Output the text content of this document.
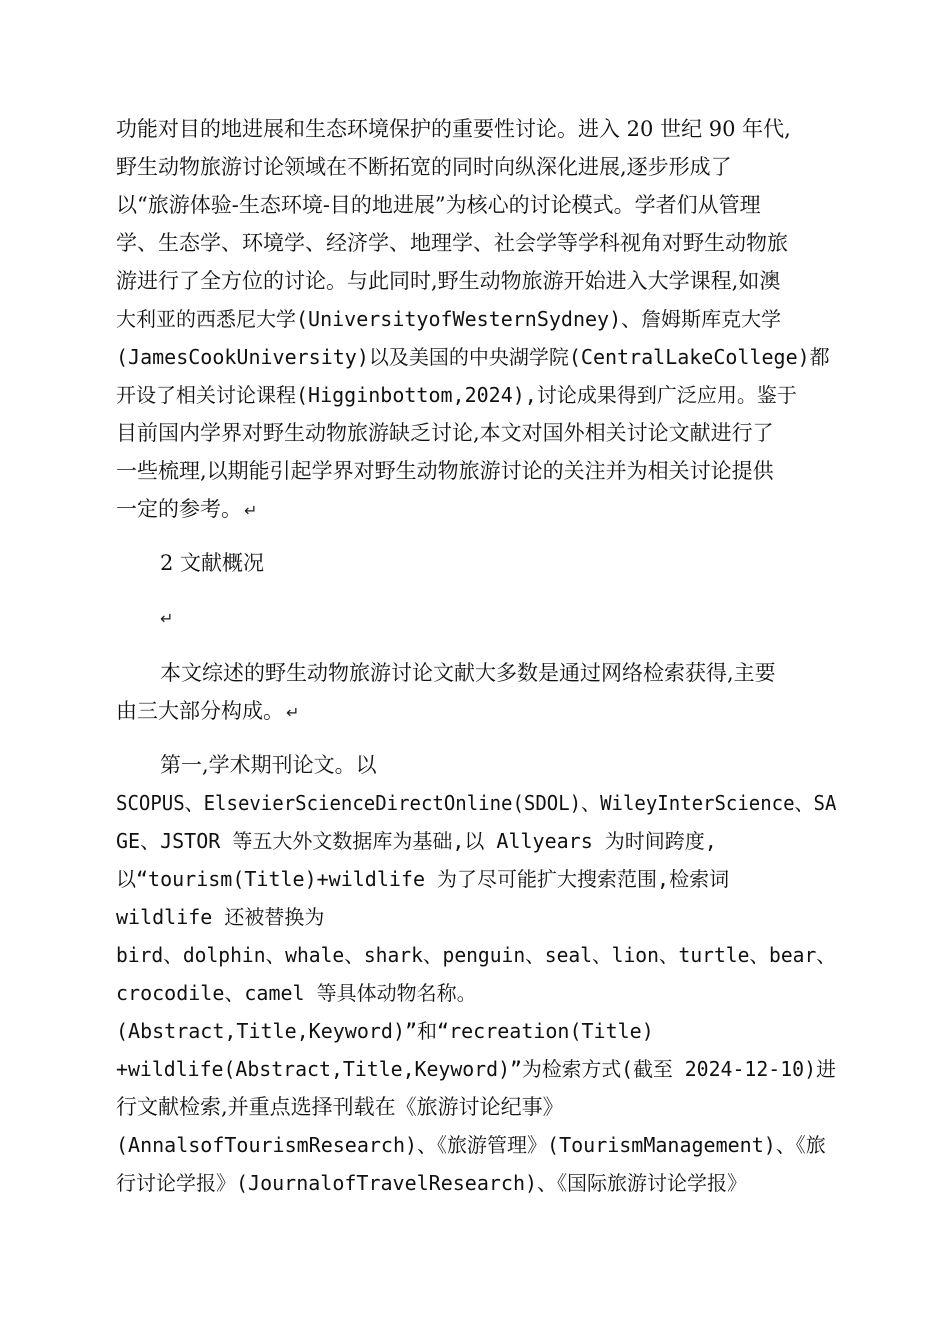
功能对目的地进展和生态环境保护的重要性讨论。进入 20 世纪 90 年代,
野生动物旅游讨论领域在不断拓宽的同时向纵深化进展,逐步形成了
以“旅游体验-生态环境-目的地进展”为核心的讨论模式。学者们从管理
学、生态学、环境学、经济学、地理学、社会学等学科视角对野生动物旅
游进行了全方位的讨论。与此同时,野生动物旅游开始进入大学课程,如澳
大利亚的西悉尼大学(UniversityofWesternSydney)、詹姆斯库克大学
(JamesCookUniversity)以及美国的中央湖学院(CentralLakeCollege)都
开设了相关讨论课程(Higginbottom,2024),讨论成果得到广泛应用。鉴于
目前国内学界对野生动物旅游缺乏讨论,本文对国外相关讨论文献进行了
一些梳理,以期能引起学界对野生动物旅游讨论的关注并为相关讨论提供
一定的参考。 ↵
2 文献概况
↵
本文综述的野生动物旅游讨论文献大多数是通过网络检索获得,主要
由三大部分构成。 ↵
第一,学术期刊论文。以
SCOPUS、ElsevierScienceDirectOnline(SDOL)、WileyInterScience、SA
GE、JSTOR 等五大外文数据库为基础,以 Allyears 为时间跨度,
以“tourism(Title)+wildlife 为了尽可能扩大搜索范围,检索词
wildlife 还被替换为
bird、dolphin、whale、shark、penguin、seal、lion、turtle、bear、
crocodile、camel 等具体动物名称。
(Abstract,Title,Keyword)”和“recreation(Title)
+wildlife(Abstract,Title,Keyword)”为检索方式(截至 2024-12-10)进
行文献检索,并重点选择刊载在《旅游讨论纪事》
(AnnalsofTourismResearch)、《旅游管理》(TourismManagement)、《旅
行讨论学报》(JournalofTravelResearch)、《国际旅游讨论学报》
